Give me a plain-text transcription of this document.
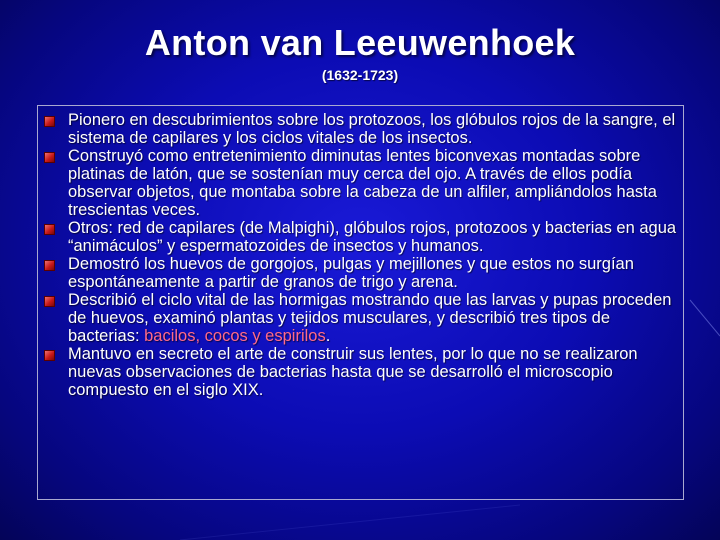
Anton van Leeuwenhoek
(1632-1723)
Pionero en descubrimientos sobre los protozoos, los glóbulos rojos de la sangre, el sistema de capilares y los ciclos vitales de los insectos.
Construyó como entretenimiento diminutas lentes biconvexas montadas sobre platinas de latón, que se sostenían muy cerca del ojo. A través de ellos podía observar objetos, que montaba sobre la cabeza de un alfiler, ampliándolos hasta trescientas veces.
Otros: red de capilares (de Malpighi), glóbulos rojos, protozoos y bacterias en agua “animáculos” y espermatozoides de insectos y humanos.
Demostró los huevos de gorgojos, pulgas y mejillones y que estos no surgían espontáneamente a partir de granos de trigo y arena.
Describió el ciclo vital de las hormigas mostrando que las larvas y pupas proceden de huevos, examinó plantas y tejidos musculares, y describió tres tipos de bacterias: bacilos, cocos y espirilos.
Mantuvo en secreto el arte de construir sus lentes, por lo que no se realizaron nuevas observaciones de bacterias hasta que se desarrolló el microscopio compuesto en el siglo XIX.
